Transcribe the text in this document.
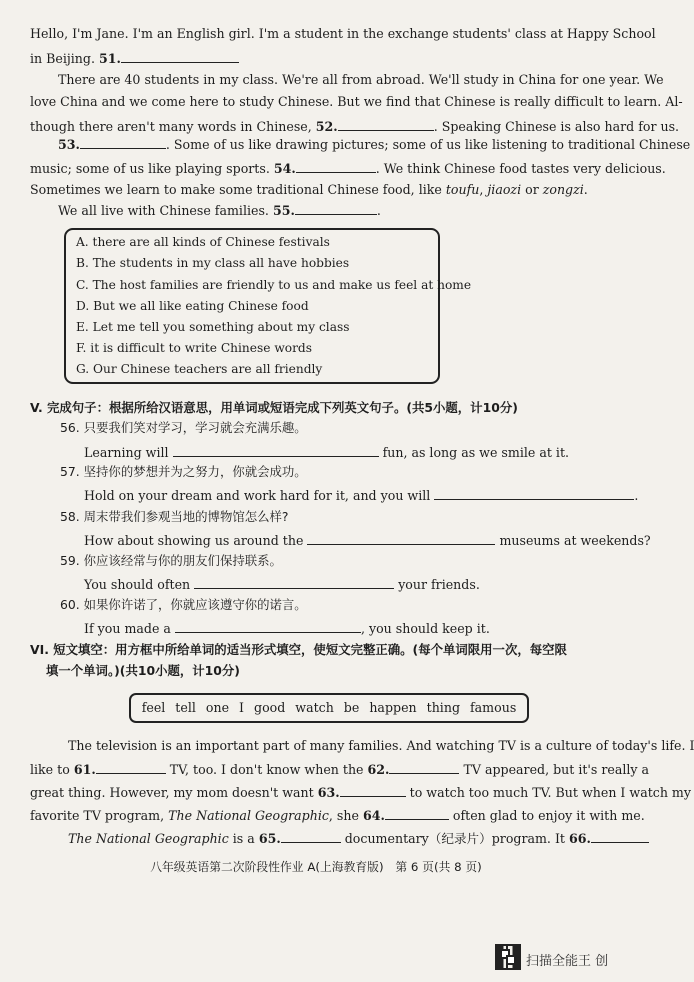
Hello, I'm Jane. I'm an English girl. I'm a student in the exchange students' class at Happy School
in Beijing. 51.
There are 40 students in my class. We're all from abroad. We'll study in China for one year. We
love China and we come here to study Chinese. But we find that Chinese is really difficult to learn. Al-
though there aren't many words in Chinese, 52.	. Speaking Chinese is also hard for us.
53.	. Some of us like drawing pictures; some of us like listening to traditional Chinese
music; some of us like playing sports. 54.	. We think Chinese food tastes very delicious.
Sometimes we learn to make some traditional Chinese food, like toufu, jiaozi or zongzi.
We all live with Chinese families. 55.	.
A. there are all kinds of Chinese festivals
B. The students in my class all have hobbies
C. The host families are friendly to us and make us feel at home
D. But we all like eating Chinese food
E. Let me tell you something about my class
F. it is difficult to write Chinese words
G. Our Chinese teachers are all friendly
V. 完成句子：根据所给汉语意思，用单词或短语完成下列英文句子。(共5小题，计10分)
56. 只要我们笑对学习，学习就会充满乐趣。
Learning will	fun, as long as we smile at it.
57. 坚持你的梦想并为之努力，你就会成功。
Hold on your dream and work hard for it, and you will	.
58. 周末带我们参观当地的博物馆怎么样?
How about showing us around the	museums at weekends?
59. 你应该经常与你的朋友们保持联系。
You should often	your friends.
60. 如果你许诺了，你就应该遵守你的诺言。
If you made a	, you should keep it.
VI. 短文填空：用方框中所给单词的适当形式填空，使短文完整正确。(每个单词限用一次，每空限
填一个单词。)(共10小题，计10分)
feel tell one I good watch be happen thing famous
The television is an important part of many families. And watching TV is a culture of today's life. I
like to 61.	TV, too. I don't know when the 62.	TV appeared, but it's really a
great thing. However, my mom doesn't want 63.	to watch too much TV. But when I watch my
favorite TV program, The National Geographic, she 64.	often glad to enjoy it with me.
The National Geographic is a 65.	documentary（纪录片）program. It 66.
八年级英语第二次阶段性作业 A(上海教育版)　第 6 页(共 8 页)
扫描全能王 创
